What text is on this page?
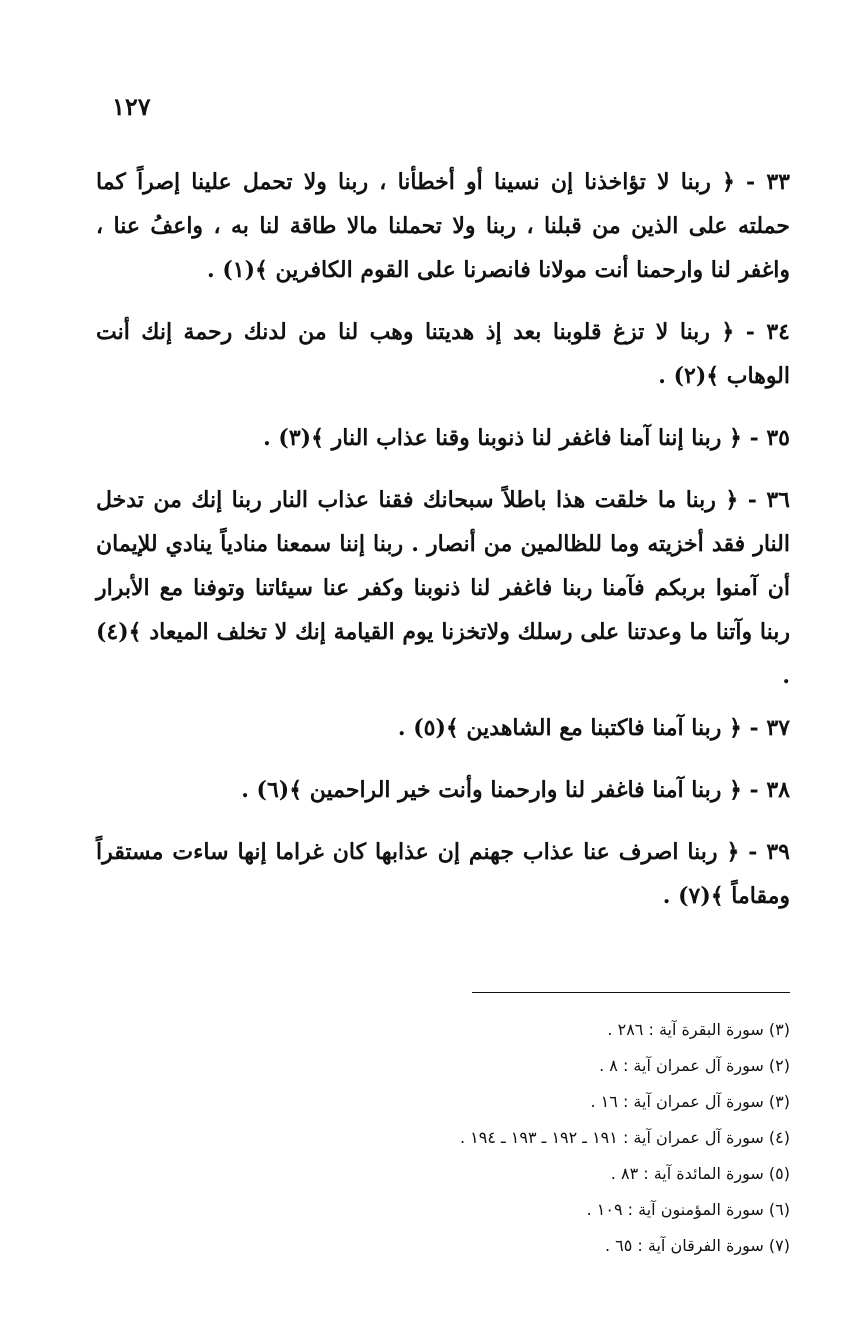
١٢٧

٣٣ - ﴿ ربنا لا تؤاخذنا إن نسينا أو أخطأنا ، ربنا ولا تحمل علينا إصراً كما حملته على الذين من قبلنا ، ربنا ولا تحملنا مالا طاقة لنا به ، واعفُ عنا ، واغفر لنا وارحمنا أنت مولانا فانصرنا على القوم الكافرين ﴾(١) .

٣٤ - ﴿ ربنا لا تزغ قلوبنا بعد إذ هديتنا وهب لنا من لدنك رحمة إنك أنت الوهاب ﴾(٢) .

٣٥ - ﴿ ربنا إننا آمنا فاغفر لنا ذنوبنا وقنا عذاب النار ﴾(٣) .

٣٦ - ﴿ ربنا ما خلقت هذا باطلاً سبحانك فقنا عذاب النار ربنا إنك من تدخل النار فقد أخزيته وما للظالمين من أنصار . ربنا إننا سمعنا منادياً ينادي للإيمان أن آمنوا بربكم فآمنا ربنا فاغفر لنا ذنوبنا وكفر عنا سيئاتنا وتوفنا مع الأبرار ربنا وآتنا ما وعدتنا على رسلك ولاتخزنا يوم القيامة إنك لا تخلف الميعاد ﴾(٤) .

٣٧ - ﴿ ربنا آمنا فاكتبنا مع الشاهدين ﴾(٥) .

٣٨ - ﴿ ربنا آمنا فاغفر لنا وارحمنا وأنت خير الراحمين ﴾(٦) .

٣٩ - ﴿ ربنا اصرف عنا عذاب جهنم إن عذابها كان غراما إنها ساءت مستقراً ومقاماً ﴾(٧) .

(٣) سورة البقرة آية : ٢٨٦ .

(٢) سورة آل عمران آية : ٨ .

(٣) سورة آل عمران آية : ١٦ .

(٤) سورة آل عمران آية : ١٩١ ـ ١٩٢ ـ ١٩٣ ـ ١٩٤ .

(٥) سورة المائدة آية : ٨٣ .

(٦) سورة المؤمنون آية : ١٠٩ .

(٧) سورة الفرقان آية : ٦٥ .
